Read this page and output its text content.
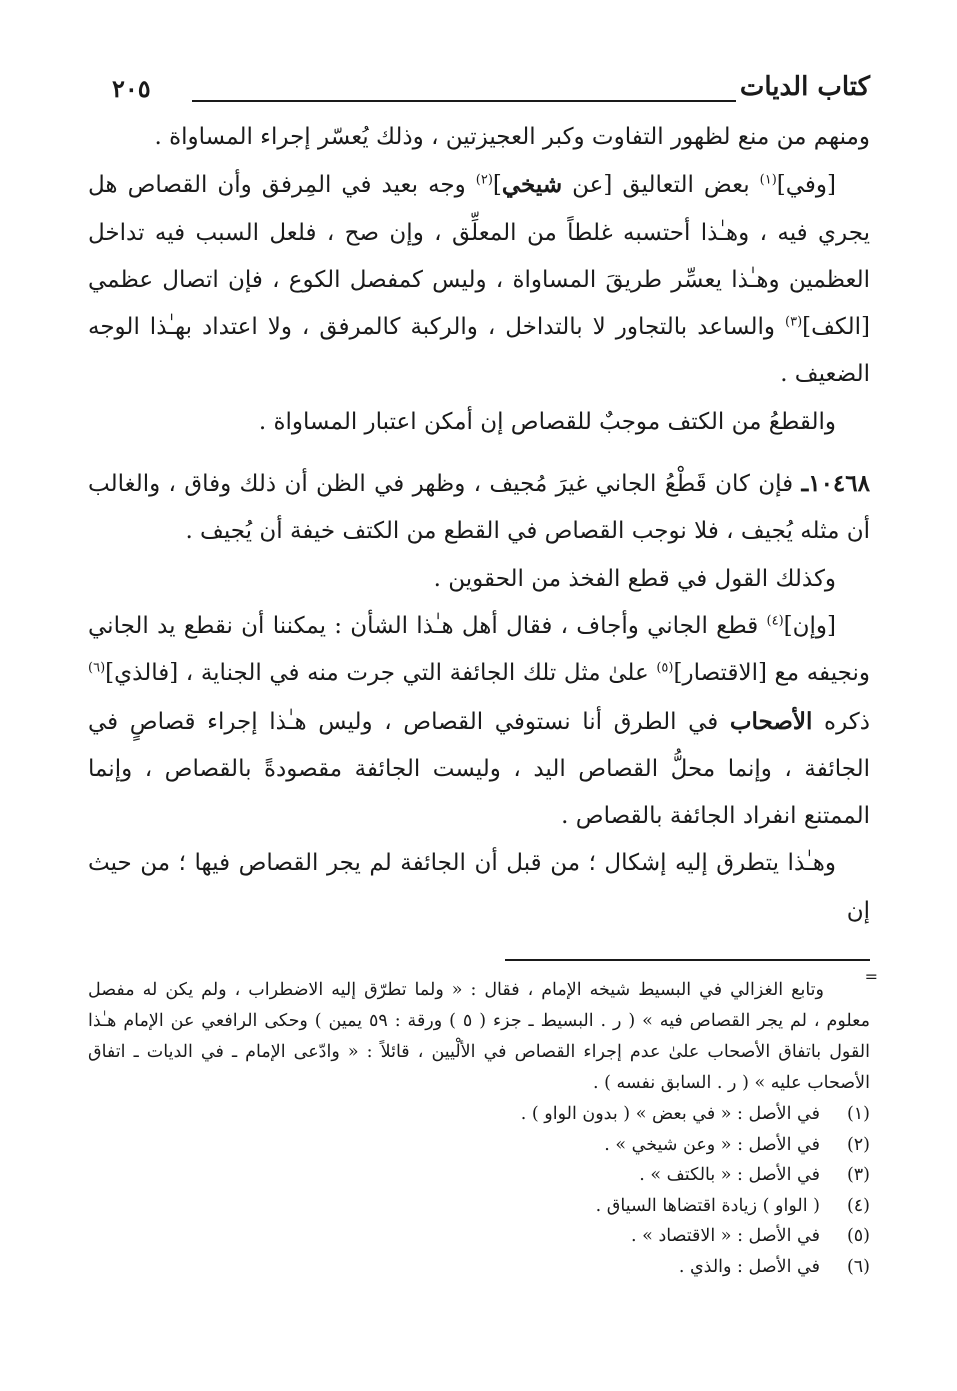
كتاب الديات
٢٠٥

ومنهم من منع لظهور التفاوت وكبر العجيزتين ، وذلك يُعسّر إجراء المساواة .

[وفي]$^{(١)}$ بعض التعاليق [عن شيخي]$^{(٢)}$ وجه بعيد في المِرفق وأن القصاص هل يجري فيه ، وهـٰذا أحتسبه غلطاً من المعلِّق ، وإن صح ، فلعل السبب فيه تداخل العظمين وهـٰذا يعسِّر طريقَ المساواة ، وليس كمفصل الكوع ، فإن اتصال عظمي [الكف]$^{(٣)}$ والساعد بالتجاور لا بالتداخل ، والركبة كالمرفق ، ولا اعتداد بهـٰذا الوجه الضعيف .

والقطعُ من الكتف موجبٌ للقصاص إن أمكن اعتبار المساواة .

١٠٤٦٨ـ فإن كان قَطْعُ الجاني غيرَ مُجيف ، وظهر في الظن أن ذلك وفاق ، والغالب أن مثله يُجيف ، فلا نوجب القصاص في القطع من الكتف خيفة أن يُجيف .

وكذلك القول في قطع الفخذ من الحقوين .

[وإن]$^{(٤)}$ قطع الجاني وأجاف ، فقال أهل هـٰذا الشأن : يمكننا أن نقطع يد الجاني ونجيفه مع [الاقتصار]$^{(٥)}$ علىٰ مثل تلك الجائفة التي جرت منه في الجناية ، [فالذي]$^{(٦)}$ ذكره الأصحاب في الطرق أنا نستوفي القصاص ، وليس هـٰذا إجراء قصاصٍ في الجائفة ، وإنما محلُّ القصاص اليد ، وليست الجائفة مقصودةً بالقصاص ، وإنما الممتنع انفراد الجائفة بالقصاص .

وهـٰذا يتطرق إليه إشكال ؛ من قبل أن الجائفة لم يجر القصاص فيها ؛ من حيث إن

=

وتابع الغزالي في البسيط شيخه الإمام ، فقال : « ولما تطرّق إليه الاضطراب ، ولم يكن له مفصل معلوم ، لم يجر القصاص فيه » ( ر . البسيط ـ جزء ( ٥ ) ورقة : ٥٩ يمين ) وحكى الرافعي عن الإمام هـٰذا القول باتفاق الأصحاب علىٰ عدم إجراء القصاص في الألْيين ، قائلاً : « وادّعى الإمام ـ في الديات ـ اتفاق الأصحاب عليه » ( ر . السابق نفسه ) .

(١)
في الأصل : « في بعض » ( بدون الواو ) .
(٢)
في الأصل : « وعن شيخي » .
(٣)
في الأصل : « بالكتف » .
(٤)
( الواو ) زيادة اقتضاها السياق .
(٥)
في الأصل : « الاقتصاد » .
(٦)
في الأصل : والذي .
